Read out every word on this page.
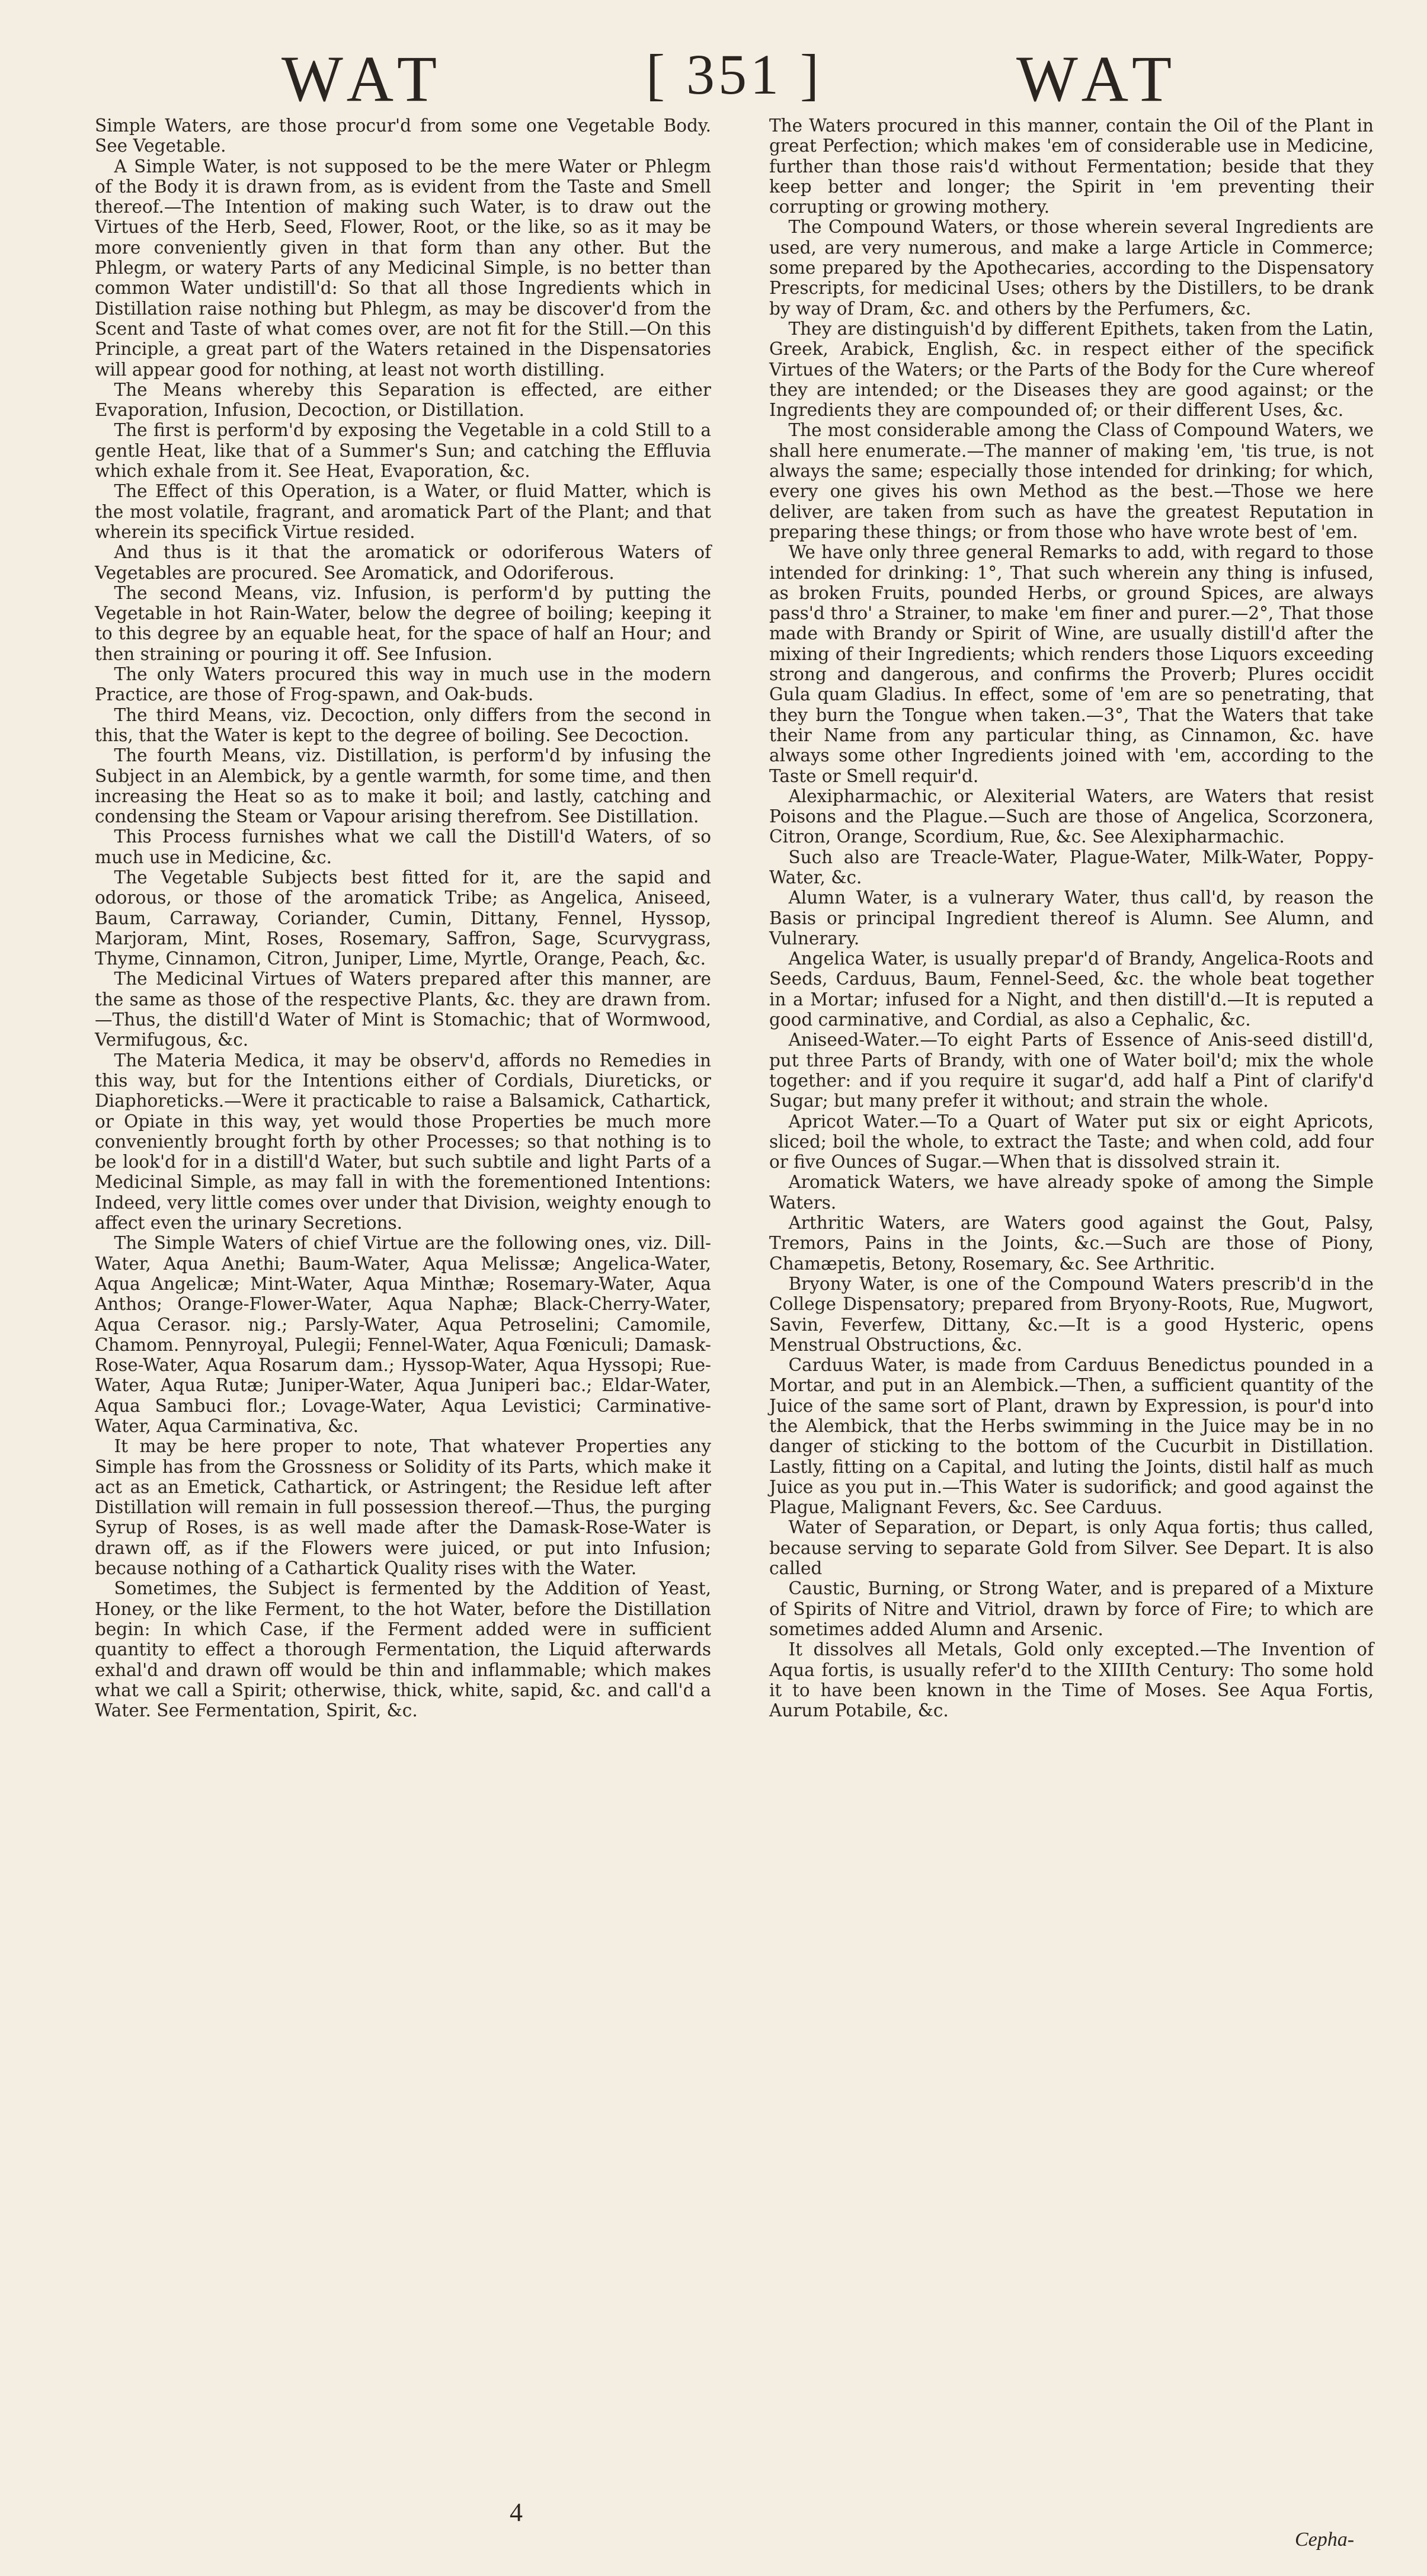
WAT	[ 351 ]	WAT

Simple Waters, are those procur'd from some one Vegetable Body. See Vegetable.

A Simple Water, is not supposed to be the mere Water or Phlegm of the Body it is drawn from, as is evident from the Taste and Smell thereof.—The Intention of making such Water, is to draw out the Virtues of the Herb, Seed, Flower, Root, or the like, so as it may be more conveniently given in that form than any other. But the Phlegm, or watery Parts of any Medicinal Simple, is no better than common Water undistill'd: So that all those Ingredients which in Distillation raise nothing but Phlegm, as may be discover'd from the Scent and Taste of what comes over, are not fit for the Still.—On this Principle, a great part of the Waters retained in the Dispensatories will appear good for nothing, at least not worth distilling.

The Means whereby this Separation is effected, are either Evaporation, Infusion, Decoction, or Distillation.

The first is perform'd by exposing the Vegetable in a cold Still to a gentle Heat, like that of a Summer's Sun; and catching the Effluvia which exhale from it. See Heat, Evaporation, &c.

The Effect of this Operation, is a Water, or fluid Matter, which is the most volatile, fragrant, and aromatick Part of the Plant; and that wherein its specifick Virtue resided.

And thus is it that the aromatick or odoriferous Waters of Vegetables are procured. See Aromatick, and Odoriferous.

The second Means, viz. Infusion, is perform'd by putting the Vegetable in hot Rain-Water, below the degree of boiling; keeping it to this degree by an equable heat, for the space of half an Hour; and then straining or pouring it off. See Infusion.

The only Waters procured this way in much use in the modern Practice, are those of Frog-spawn, and Oak-buds.

The third Means, viz. Decoction, only differs from the second in this, that the Water is kept to the degree of boiling. See Decoction.

The fourth Means, viz. Distillation, is perform'd by infusing the Subject in an Alembick, by a gentle warmth, for some time, and then increasing the Heat so as to make it boil; and lastly, catching and condensing the Steam or Vapour arising therefrom. See Distillation.

This Process furnishes what we call the Distill'd Waters, of so much use in Medicine, &c.

The Vegetable Subjects best fitted for it, are the sapid and odorous, or those of the aromatick Tribe; as Angelica, Aniseed, Baum, Carraway, Coriander, Cumin, Dittany, Fennel, Hyssop, Marjoram, Mint, Roses, Rosemary, Saffron, Sage, Scurvygrass, Thyme, Cinnamon, Citron, Juniper, Lime, Myrtle, Orange, Peach, &c.

The Medicinal Virtues of Waters prepared after this manner, are the same as those of the respective Plants, &c. they are drawn from.—Thus, the distill'd Water of Mint is Stomachic; that of Wormwood, Vermifugous, &c.

The Materia Medica, it may be observ'd, affords no Remedies in this way, but for the Intentions either of Cordials, Diureticks, or Diaphoreticks.—Were it practicable to raise a Balsamick, Cathartick, or Opiate in this way, yet would those Properties be much more conveniently brought forth by other Processes; so that nothing is to be look'd for in a distill'd Water, but such subtile and light Parts of a Medicinal Simple, as may fall in with the forementioned Intentions: Indeed, very little comes over under that Division, weighty enough to affect even the urinary Secretions.

The Simple Waters of chief Virtue are the following ones, viz. Dill-Water, Aqua Anethi; Baum-Water, Aqua Melissæ; Angelica-Water, Aqua Angelicæ; Mint-Water, Aqua Minthæ; Rosemary-Water, Aqua Anthos; Orange-Flower-Water, Aqua Naphæ; Black-Cherry-Water, Aqua Cerasor. nig.; Parsly-Water, Aqua Petroselini; Camomile, Chamom. Pennyroyal, Pulegii; Fennel-Water, Aqua Fœniculi; Damask-Rose-Water, Aqua Rosarum dam.; Hyssop-Water, Aqua Hyssopi; Rue-Water, Aqua Rutæ; Juniper-Water, Aqua Juniperi bac.; Eldar-Water, Aqua Sambuci flor.; Lovage-Water, Aqua Levistici; Carminative-Water, Aqua Carminativa, &c.

It may be here proper to note, That whatever Properties any Simple has from the Grossness or Solidity of its Parts, which make it act as an Emetick, Cathartick, or Astringent; the Residue left after Distillation will remain in full possession thereof.—Thus, the purging Syrup of Roses, is as well made after the Damask-Rose-Water is drawn off, as if the Flowers were juiced, or put into Infusion; because nothing of a Cathartick Quality rises with the Water.

Sometimes, the Subject is fermented by the Addition of Yeast, Honey, or the like Ferment, to the hot Water, before the Distillation begin: In which Case, if the Ferment added were in sufficient quantity to effect a thorough Fermentation, the Liquid afterwards exhal'd and drawn off would be thin and inflammable; which makes what we call a Spirit; otherwise, thick, white, sapid, &c. and call'd a Water. See Fermentation, Spirit, &c.

The Waters procured in this manner, contain the Oil of the Plant in great Perfection; which makes 'em of considerable use in Medicine, further than those rais'd without Fermentation; beside that they keep better and longer; the Spirit in 'em preventing their corrupting or growing mothery.

The Compound Waters, or those wherein several Ingredients are used, are very numerous, and make a large Article in Commerce; some prepared by the Apothecaries, according to the Dispensatory Prescripts, for medicinal Uses; others by the Distillers, to be drank by way of Dram, &c. and others by the Perfumers, &c.

They are distinguish'd by different Epithets, taken from the Latin, Greek, Arabick, English, &c. in respect either of the specifick Virtues of the Waters; or the Parts of the Body for the Cure whereof they are intended; or the Diseases they are good against; or the Ingredients they are compounded of; or their different Uses, &c.

The most considerable among the Class of Compound Waters, we shall here enumerate.—The manner of making 'em, 'tis true, is not always the same; especially those intended for drinking; for which, every one gives his own Method as the best.—Those we here deliver, are taken from such as have the greatest Reputation in preparing these things; or from those who have wrote best of 'em.

We have only three general Remarks to add, with regard to those intended for drinking: 1°, That such wherein any thing is infused, as broken Fruits, pounded Herbs, or ground Spices, are always pass'd thro' a Strainer, to make 'em finer and purer.—2°, That those made with Brandy or Spirit of Wine, are usually distill'd after the mixing of their Ingredients; which renders those Liquors exceeding strong and dangerous, and confirms the Proverb; Plures occidit Gula quam Gladius. In effect, some of 'em are so penetrating, that they burn the Tongue when taken.—3°, That the Waters that take their Name from any particular thing, as Cinnamon, &c. have always some other Ingredients joined with 'em, according to the Taste or Smell requir'd.

Alexipharmachic, or Alexiterial Waters, are Waters that resist Poisons and the Plague.—Such are those of Angelica, Scorzonera, Citron, Orange, Scordium, Rue, &c. See Alexipharmachic.

Such also are Treacle-Water, Plague-Water, Milk-Water, Poppy-Water, &c.

Alumn Water, is a vulnerary Water, thus call'd, by reason the Basis or principal Ingredient thereof is Alumn. See Alumn, and Vulnerary.

Angelica Water, is usually prepar'd of Brandy, Angelica-Roots and Seeds, Carduus, Baum, Fennel-Seed, &c. the whole beat together in a Mortar; infused for a Night, and then distill'd.—It is reputed a good carminative, and Cordial, as also a Cephalic, &c.

Aniseed-Water.—To eight Parts of Essence of Anis-seed distill'd, put three Parts of Brandy, with one of Water boil'd; mix the whole together: and if you require it sugar'd, add half a Pint of clarify'd Sugar; but many prefer it without; and strain the whole.

Apricot Water.—To a Quart of Water put six or eight Apricots, sliced; boil the whole, to extract the Taste; and when cold, add four or five Ounces of Sugar.—When that is dissolved strain it.

Aromatick Waters, we have already spoke of among the Simple Waters.

Arthritic Waters, are Waters good against the Gout, Palsy, Tremors, Pains in the Joints, &c.—Such are those of Piony, Chamæpetis, Betony, Rosemary, &c. See Arthritic.

Bryony Water, is one of the Compound Waters prescrib'd in the College Dispensatory; prepared from Bryony-Roots, Rue, Mugwort, Savin, Feverfew, Dittany, &c.—It is a good Hysteric, opens Menstrual Obstructions, &c.

Carduus Water, is made from Carduus Benedictus pounded in a Mortar, and put in an Alembick.—Then, a sufficient quantity of the Juice of the same sort of Plant, drawn by Expression, is pour'd into the Alembick, that the Herbs swimming in the Juice may be in no danger of sticking to the bottom of the Cucurbit in Distillation. Lastly, fitting on a Capital, and luting the Joints, distil half as much Juice as you put in.—This Water is sudorifick; and good against the Plague, Malignant Fevers, &c. See Carduus.

Water of Separation, or Depart, is only Aqua fortis; thus called, because serving to separate Gold from Silver. See Depart. It is also called

Caustic, Burning, or Strong Water, and is prepared of a Mixture of Spirits of Nitre and Vitriol, drawn by force of Fire; to which are sometimes added Alumn and Arsenic.

It dissolves all Metals, Gold only excepted.—The Invention of Aqua fortis, is usually refer'd to the XIIIth Century: Tho some hold it to have been known in the Time of Moses. See Aqua Fortis, Aurum Potabile, &c.

4
Cepha-
